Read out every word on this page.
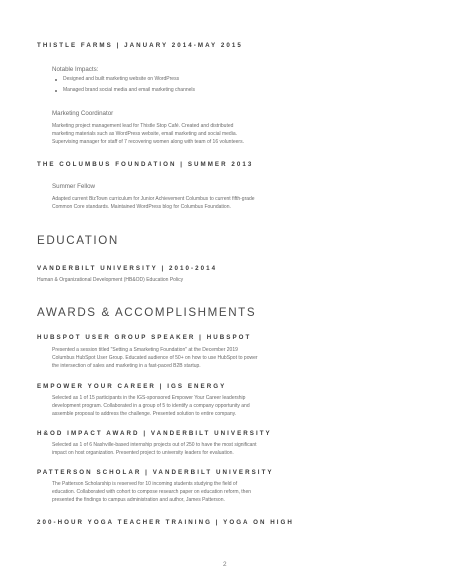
THISTLE FARMS | JANUARY 2014-MAY 2015
Notable Impacts:
Designed and built marketing website on WordPress
Managed brand social media and email marketing channels
Marketing Coordinator
Marketing project management lead for Thistle Stop Café. Created and distributed
marketing materials such as WordPress website, email marketing and social media.
Supervising manager for staff of 7 recovering women along with team of 16 volunteers.
THE COLUMBUS FOUNDATION | SUMMER 2013
Summer Fellow
Adapted current BizTown curriculum for Junior Achievement Columbus to current fifth-grade
Common Core standards. Maintained WordPress blog for Columbus Foundation.
EDUCATION
VANDERBILT UNIVERSITY | 2010-2014
Human & Organizational Development (HB&OD) Education Policy
AWARDS & ACCOMPLISHMENTS
HUBSPOT USER GROUP SPEAKER | HUBSPOT
Presented a session titled "Setting a Smarketing Foundation" at the December 2019
Columbus HubSpot User Group. Educated audience of 50+ on how to use HubSpot to power
the intersection of sales and marketing in a fast-paced B2B startup.
EMPOWER YOUR CAREER | IGS ENERGY
Selected as 1 of 15 participants in the IGS-sponsored Empower Your Career leadership
development program. Collaborated in a group of 5 to identify a company opportunity and
assemble proposal to address the challenge. Presented solution to entire company.
H&OD IMPACT AWARD | VANDERBILT UNIVERSITY
Selected as 1 of 6 Nashville-based internship projects out of 250 to have the most significant
impact on host organization. Presented project to university leaders for evaluation.
PATTERSON SCHOLAR | VANDERBILT UNIVERSITY
The Patterson Scholarship is reserved for 10 incoming students studying the field of
education. Collaborated with cohort to compose research paper on education reform, then
presented the findings to campus administration and author, James Patterson.
200-HOUR YOGA TEACHER TRAINING | YOGA ON HIGH
2
